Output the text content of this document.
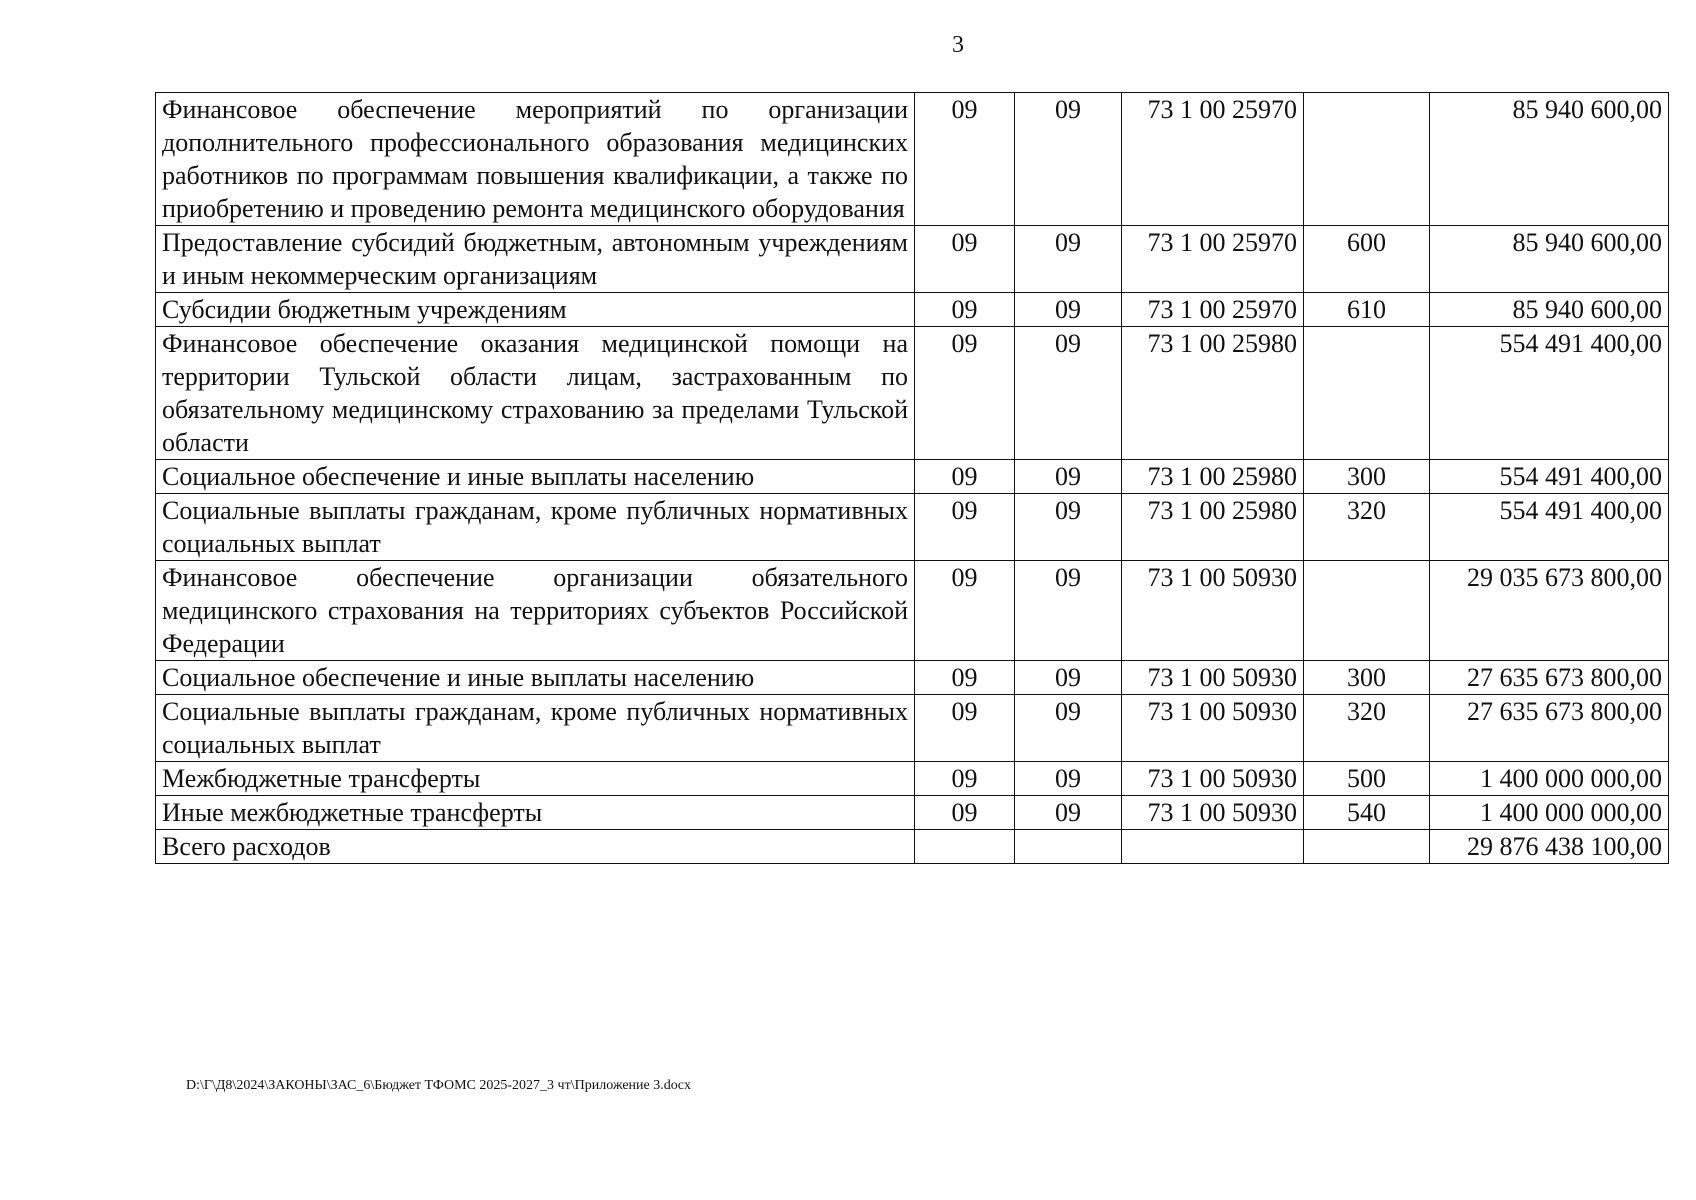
3
Финансовое обеспечение мероприятий по организации дополнительного профессионального образования медицинских работников по программам повышения квалификации, а также по приобретению и проведению ремонта медицинского оборудования	09	09	73 1 00 25970		85 940 600,00
Предоставление субсидий бюджетным, автономным учреждениям и иным некоммерческим организациям	09	09	73 1 00 25970	600	85 940 600,00
Субсидии бюджетным учреждениям	09	09	73 1 00 25970	610	85 940 600,00
Финансовое обеспечение оказания медицинской помощи на территории Тульской области лицам, застрахованным по обязательному медицинскому страхованию за пределами Тульской области	09	09	73 1 00 25980		554 491 400,00
Социальное обеспечение и иные выплаты населению	09	09	73 1 00 25980	300	554 491 400,00
Социальные выплаты гражданам, кроме публичных нормативных социальных выплат	09	09	73 1 00 25980	320	554 491 400,00
Финансовое обеспечение организации обязательного медицинского страхования на территориях субъектов Российской Федерации	09	09	73 1 00 50930		29 035 673 800,00
Социальное обеспечение и иные выплаты населению	09	09	73 1 00 50930	300	27 635 673 800,00
Социальные выплаты гражданам, кроме публичных нормативных социальных выплат	09	09	73 1 00 50930	320	27 635 673 800,00
Межбюджетные трансферты	09	09	73 1 00 50930	500	1 400 000 000,00
Иные межбюджетные трансферты	09	09	73 1 00 50930	540	1 400 000 000,00
Всего расходов					29 876 438 100,00
D:\Г\Д8\2024\ЗАКОНЫ\ЗАС_6\Бюджет ТФОМС 2025-2027_3 чт\Приложение 3.docx
